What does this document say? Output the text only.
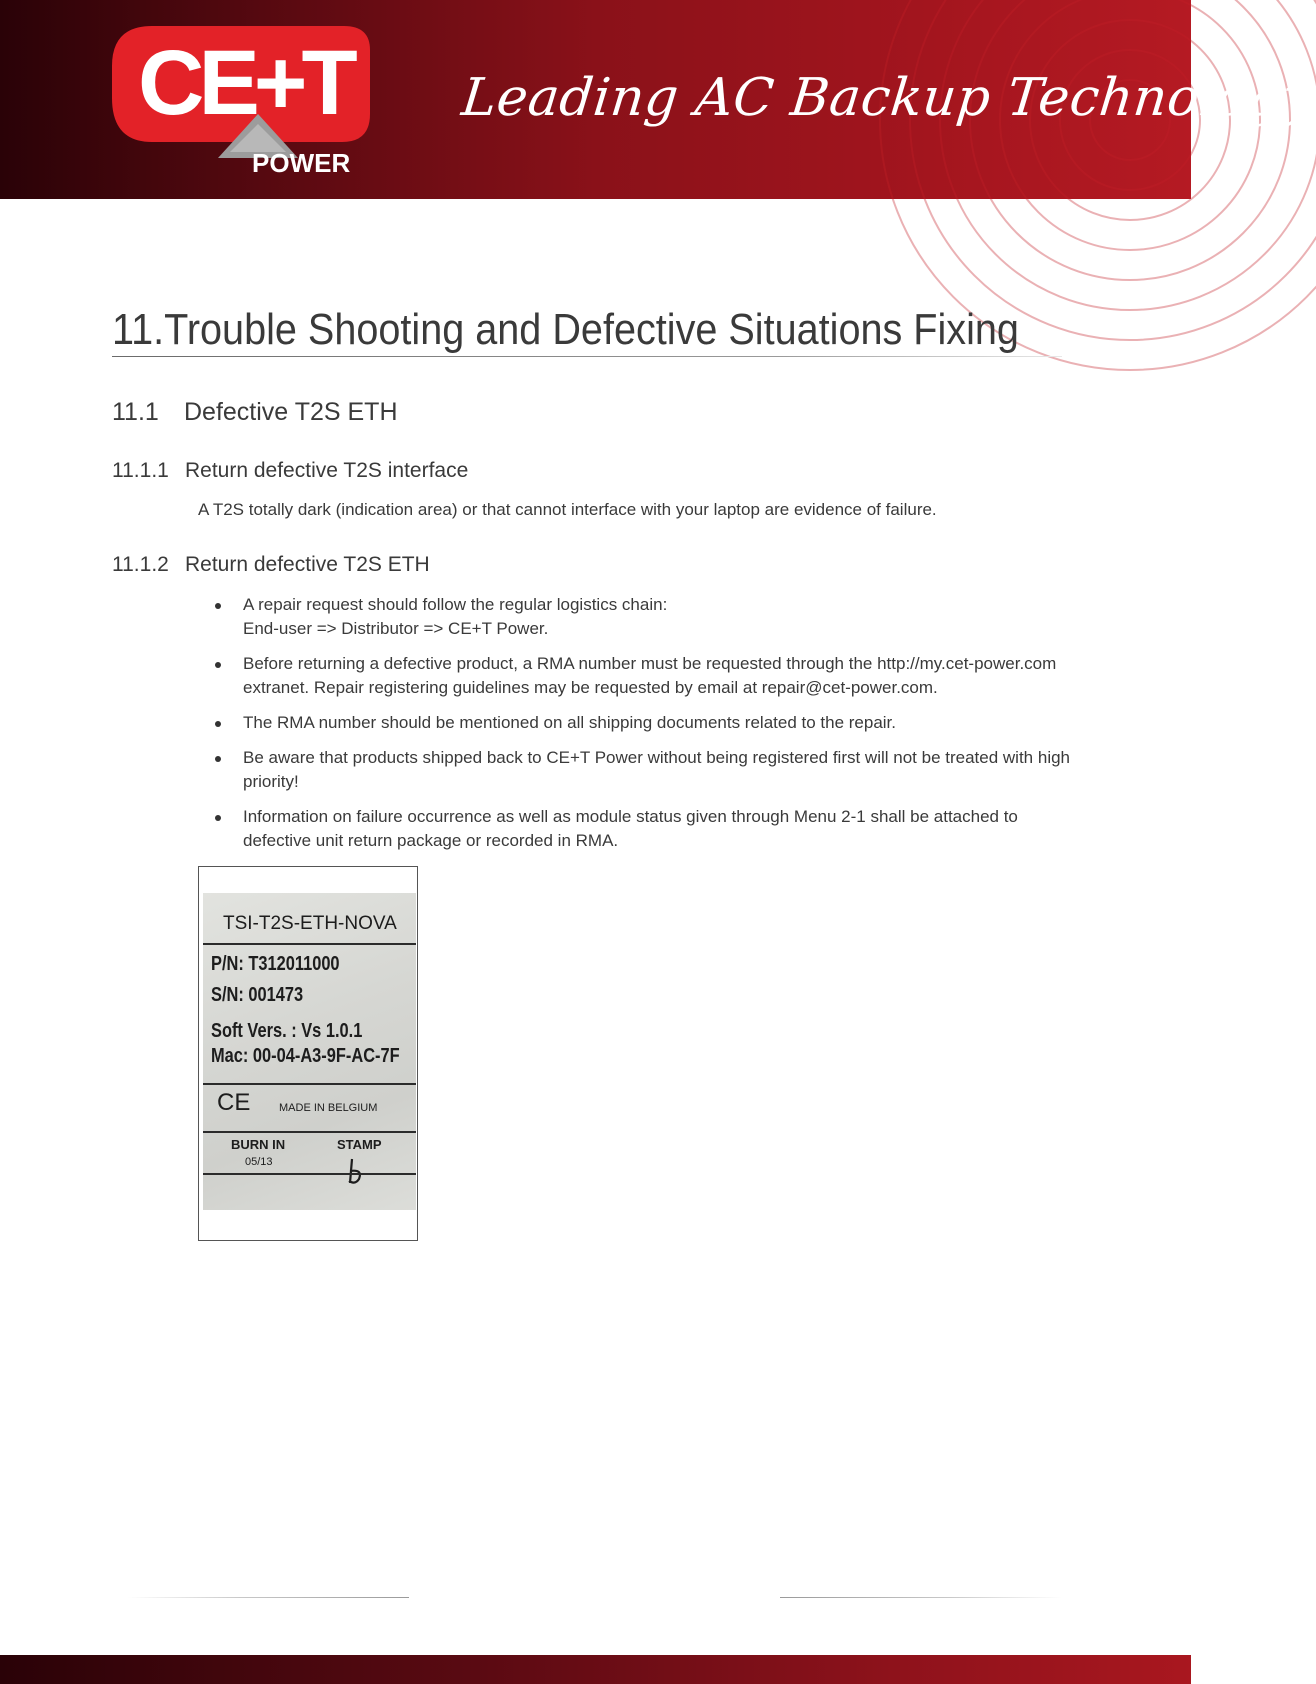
CE+T
POWER
Leading AC Backup Technology
11.Trouble Shooting and Defective Situations Fixing
11.1 Defective T2S ETH
11.1.1 Return defective T2S interface
A T2S totally dark (indication area) or that cannot interface with your laptop are evidence of failure.
11.1.2 Return defective T2S ETH
A repair request should follow the regular logistics chain:
End-user => Distributor => CE+T Power.
Before returning a defective product, a RMA number must be requested through the http://my.cet-power.com
extranet. Repair registering guidelines may be requested by email at repair@cet-power.com.
The RMA number should be mentioned on all shipping documents related to the repair.
Be aware that products shipped back to CE+T Power without being registered first will not be treated with high
priority!
Information on failure occurrence as well as module status given through Menu 2-1 shall be attached to
defective unit return package or recorded in RMA.
TSI-T2S-ETH-NOVA
P/N: T312011000
S/N: 001473
Soft Vers. : Vs 1.0.1
Mac: 00-04-A3-9F-AC-7F
CE	MADE IN BELGIUM
BURN IN
05/13
STAMP
